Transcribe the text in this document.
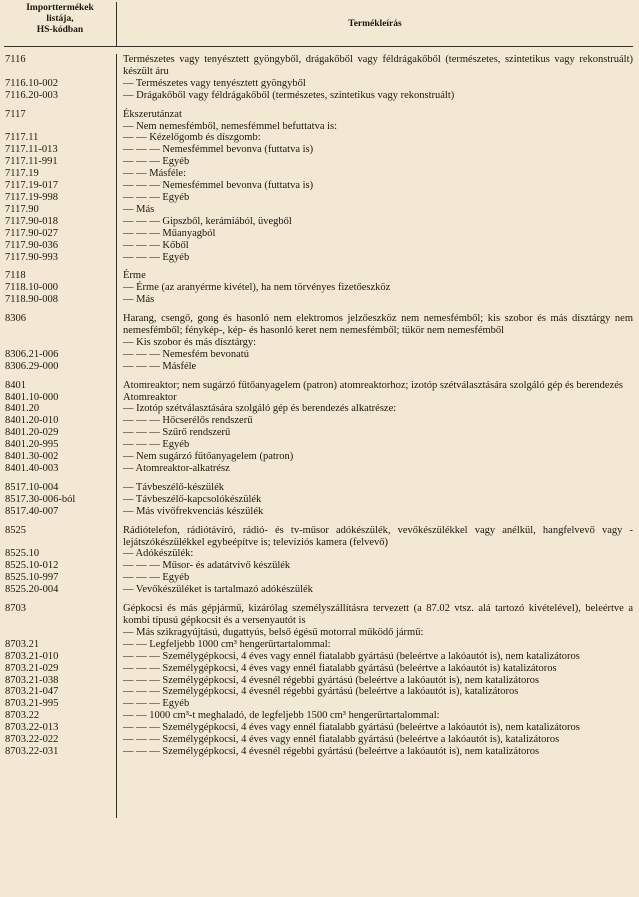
Importtermékek
listája,
HS-kódban
Termékleírás
7116	Természetes vagy tenyésztett gyöngyből, drágakőből vagy féldrágakőből (természetes, szintetikus vagy rekonstruált) készült áru
7116.10-002	— Természetes vagy tenyésztett gyöngyből
7116.20-003	— Drágakőből vagy féldrágakőből (természetes, szintetikus vagy rekonstruált)
7117	Ékszerutánzat
— Nem nemesfémből, nemesfémmel befuttatva is:
7117.11	— — Kézelőgomb és díszgomb:
7117.11-013	— — — Nemesfémmel bevonva (futtatva is)
7117.11-991	— — — Egyéb
7117.19	— — Másféle:
7117.19-017	— — — Nemesfémmel bevonva (futtatva is)
7117.19-998	— — — Egyéb
7117.90	— Más
7117.90-018	— — — Gipszből, kerámiából, üvegből
7117.90-027	— — — Műanyagból
7117.90-036	— — — Kőből
7117.90-993	— — — Egyéb
7118	Érme
7118.10-000	— Érme (az aranyérme kivétel), ha nem törvényes fizetőeszköz
7118.90-008	— Más
8306	Harang, csengő, gong és hasonló nem elektromos jelzőeszköz nem nemesfémből; kis szobor és más dísztárgy nem nemesfémből; fénykép-, kép- és hasonló keret nem nemesfémből; tükör nem nemesfémből
— Kis szobor és más dísztárgy:
8306.21-006	— — — Nemesfém bevonatú
8306.29-000	— — — Másféle
8401	Atomreaktor; nem sugárzó fűtőanyagelem (patron) atomreaktorhoz; izotóp szétválasztására szolgáló gép és berendezés
8401.10-000	Atomreaktor
8401.20	— Izotóp szétválasztására szolgáló gép és berendezés alkatrésze:
8401.20-010	— — — Hőcserélős rendszerű
8401.20-029	— — — Szűrő rendszerű
8401.20-995	— — — Egyéb
8401.30-002	— Nem sugárzó fűtőanyagelem (patron)
8401.40-003	— Atomreaktor-alkatrész
8517.10-004	— Távbeszélő-készülék
8517.30-006-ból	— Távbeszélő-kapcsolókészülék
8517.40-007	— Más vivőfrekvenciás készülék
8525	Rádiótelefon, rádiótávíró, rádió- és tv-műsor adókészülék, vevőkészülékkel vagy anélkül, hangfelvevő vagy -lejátszókészülékkel egybeépítve is; televíziós kamera (felvevő)
8525.10	— Adókészülék:
8525.10-012	— — — Műsor- és adatátvivő készülék
8525.10-997	— — — Egyéb
8525.20-004	— Vevőkészüléket is tartalmazó adókészülék
8703	Gépkocsi és más gépjármű, kizárólag személyszállításra tervezett (a 87.02 vtsz. alá tartozó kivételével), beleértve a kombi típusú gépkocsit és a versenyautót is
— Más szikragyújtású, dugattyús, belső égésű motorral működő jármű:
8703.21	— — Legfeljebb 1000 cm³ hengerűrtartalommal:
8703.21-010	— — — Személygépkocsi, 4 éves vagy ennél fiatalabb gyártású (beleértve a lakóautót is), nem katalizátoros
8703.21-029	— — — Személygépkocsi, 4 éves vagy ennél fiatalabb gyártású (beleértve a lakóautót is) katalizátoros
8703.21-038	— — — Személygépkocsi, 4 évesnél régebbi gyártású (beleértve a lakóautót is), nem katalizátoros
8703.21-047	— — — Személygépkocsi, 4 évesnél régebbi gyártású (beleértve a lakóautót is), katalizátoros
8703.21-995	— — — Egyéb
8703.22	— — 1000 cm³-t meghaladó, de legfeljebb 1500 cm³ hengerűrtartalommal:
8703.22-013	— — — Személygépkocsi, 4 éves vagy ennél fiatalabb gyártású (beleértve a lakóautót is), nem katalizátoros
8703.22-022	— — — Személygépkocsi, 4 éves vagy ennél fiatalabb gyártású (beleértve a lakóautót is), katalizátoros
8703.22-031	— — — Személygépkocsi, 4 évesnél régebbi gyártású (beleértve a lakóautót is), nem katalizátoros
